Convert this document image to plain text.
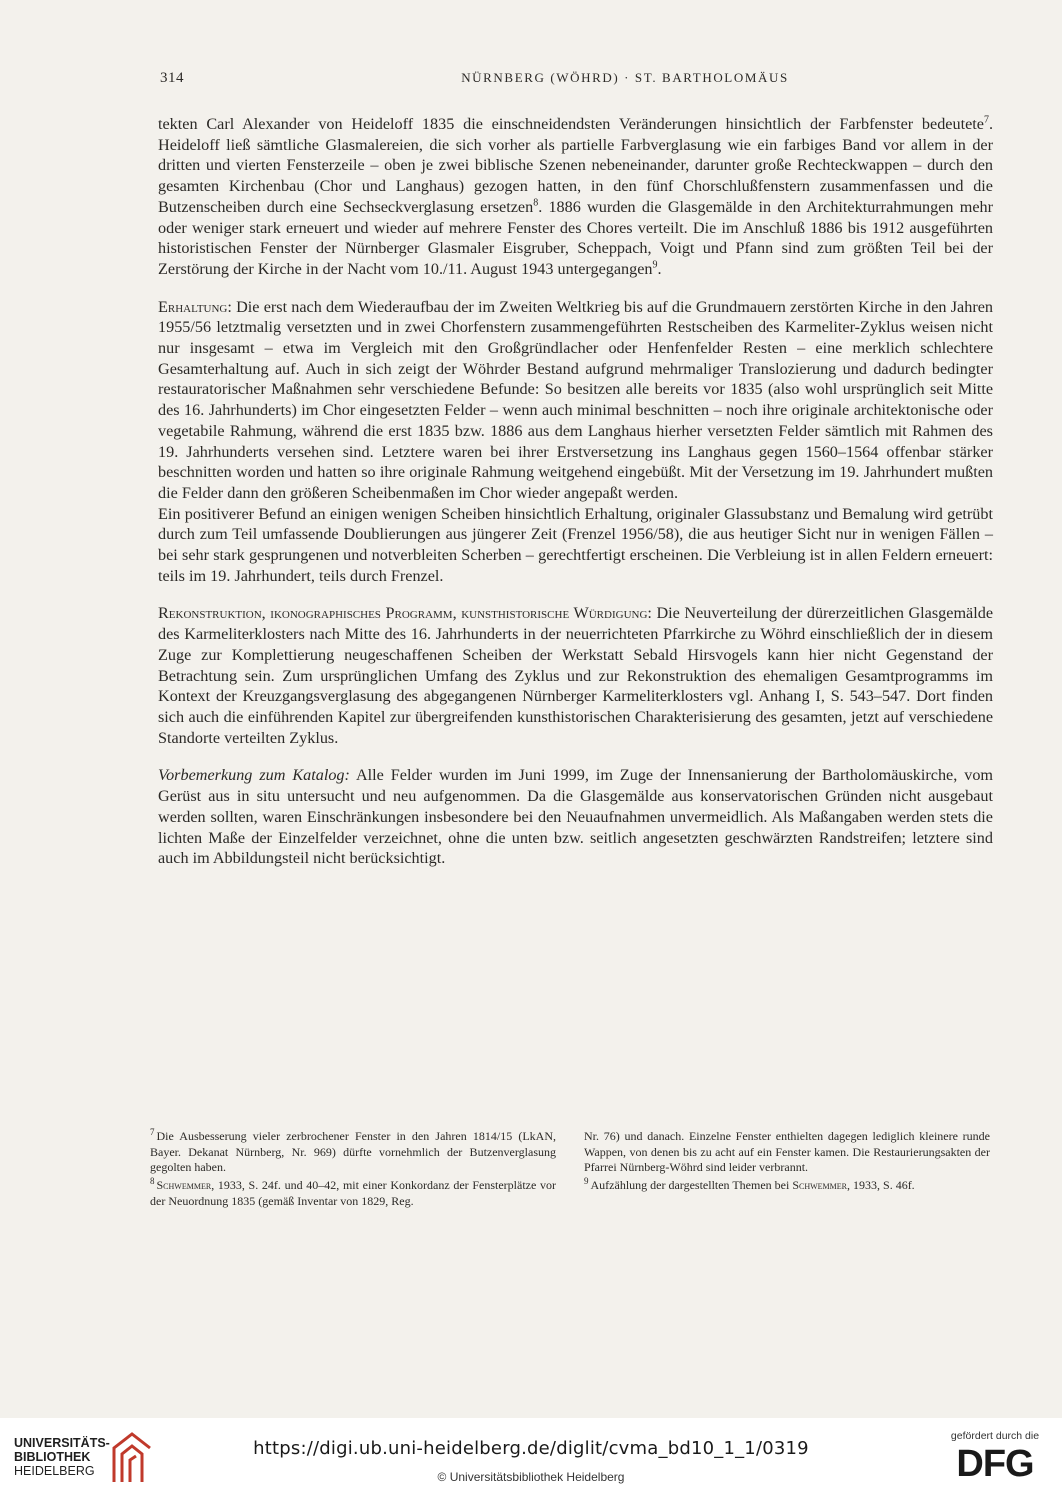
314	NÜRNBERG (WÖHRD) · ST. BARTHOLOMÄUS

tekten Carl Alexander von Heideloff 1835 die einschneidendsten Veränderungen hinsichtlich der Farbfenster bedeutete$^7$. Heideloff ließ sämtliche Glasmalereien, die sich vorher als partielle Farbverglasung wie ein farbiges Band vor allem in der dritten und vierten Fensterzeile – oben je zwei biblische Szenen nebeneinander, darunter große Rechteckwappen – durch den gesamten Kirchenbau (Chor und Langhaus) gezogen hatten, in den fünf Chorschlußfenstern zusammenfassen und die Butzenscheiben durch eine Sechseckverglasung ersetzen$^8$. 1886 wurden die Glasgemälde in den Architekturrahmungen mehr oder weniger stark erneuert und wieder auf mehrere Fenster des Chores verteilt. Die im Anschluß 1886 bis 1912 ausgeführten historistischen Fenster der Nürnberger Glasmaler Eisgruber, Scheppach, Voigt und Pfann sind zum größten Teil bei der Zerstörung der Kirche in der Nacht vom 10./11. August 1943 untergegangen$^9$.

Erhaltung: Die erst nach dem Wiederaufbau der im Zweiten Weltkrieg bis auf die Grundmauern zerstörten Kirche in den Jahren 1955/56 letztmalig versetzten und in zwei Chorfenstern zusammengeführten Restscheiben des Karmeliter-Zyklus weisen nicht nur insgesamt – etwa im Vergleich mit den Großgründlacher oder Henfenfelder Resten – eine merklich schlechtere Gesamterhaltung auf. Auch in sich zeigt der Wöhrder Bestand aufgrund mehrmaliger Translozierung und dadurch bedingter restauratorischer Maßnahmen sehr verschiedene Befunde: So besitzen alle bereits vor 1835 (also wohl ursprünglich seit Mitte des 16. Jahrhunderts) im Chor eingesetzten Felder – wenn auch minimal beschnitten – noch ihre originale architektonische oder vegetabile Rahmung, während die erst 1835 bzw. 1886 aus dem Langhaus hierher versetzten Felder sämtlich mit Rahmen des 19. Jahrhunderts versehen sind. Letztere waren bei ihrer Erstversetzung ins Langhaus gegen 1560–1564 offenbar stärker beschnitten worden und hatten so ihre originale Rahmung weitgehend eingebüßt. Mit der Versetzung im 19. Jahrhundert mußten die Felder dann den größeren Scheibenmaßen im Chor wieder angepaßt werden.

Ein positiverer Befund an einigen wenigen Scheiben hinsichtlich Erhaltung, originaler Glassubstanz und Bemalung wird getrübt durch zum Teil umfassende Doublierungen aus jüngerer Zeit (Frenzel 1956/58), die aus heutiger Sicht nur in wenigen Fällen – bei sehr stark gesprungenen und notverbleiten Scherben – gerechtfertigt erscheinen. Die Verbleiung ist in allen Feldern erneuert: teils im 19. Jahrhundert, teils durch Frenzel.

Rekonstruktion, ikonographisches Programm, kunsthistorische Würdigung: Die Neuverteilung der dürerzeitlichen Glasgemälde des Karmeliterklosters nach Mitte des 16. Jahrhunderts in der neuerrichteten Pfarrkirche zu Wöhrd einschließlich der in diesem Zuge zur Komplettierung neugeschaffenen Scheiben der Werkstatt Sebald Hirsvogels kann hier nicht Gegenstand der Betrachtung sein. Zum ursprünglichen Umfang des Zyklus und zur Rekonstruktion des ehemaligen Gesamtprogramms im Kontext der Kreuzgangsverglasung des abgegangenen Nürnberger Karmeliterklosters vgl. Anhang I, S. 543–547. Dort finden sich auch die einführenden Kapitel zur übergreifenden kunsthistorischen Charakterisierung des gesamten, jetzt auf verschiedene Standorte verteilten Zyklus.

Vorbemerkung zum Katalog: Alle Felder wurden im Juni 1999, im Zuge der Innensanierung der Bartholomäuskirche, vom Gerüst aus in situ untersucht und neu aufgenommen. Da die Glasgemälde aus konservatorischen Gründen nicht ausgebaut werden sollten, waren Einschränkungen insbesondere bei den Neuaufnahmen unvermeidlich. Als Maßangaben werden stets die lichten Maße der Einzelfelder verzeichnet, ohne die unten bzw. seitlich angesetzten geschwärzten Randstreifen; letztere sind auch im Abbildungsteil nicht berücksichtigt.

$^7$ Die Ausbesserung vieler zerbrochener Fenster in den Jahren 1814/15 (LkAN, Bayer. Dekanat Nürnberg, Nr. 969) dürfte vornehmlich der Butzenverglasung gegolten haben.

$^8$ Schwemmer, 1933, S. 24f. und 40–42, mit einer Konkordanz der Fensterplätze vor der Neuordnung 1835 (gemäß Inventar von 1829, Reg.

Nr. 76) und danach. Einzelne Fenster enthielten dagegen lediglich kleinere runde Wappen, von denen bis zu acht auf ein Fenster kamen. Die Restaurierungsakten der Pfarrei Nürnberg-Wöhrd sind leider verbrannt.

$^9$ Aufzählung der dargestellten Themen bei Schwemmer, 1933, S. 46f.

UNIVERSITÄTS-
BIBLIOTHEK
HEIDELBERG
https://digi.ub.uni-heidelberg.de/diglit/cvma_bd10_1_1/0319
© Universitätsbibliothek Heidelberg
gefördert durch die
DFG
